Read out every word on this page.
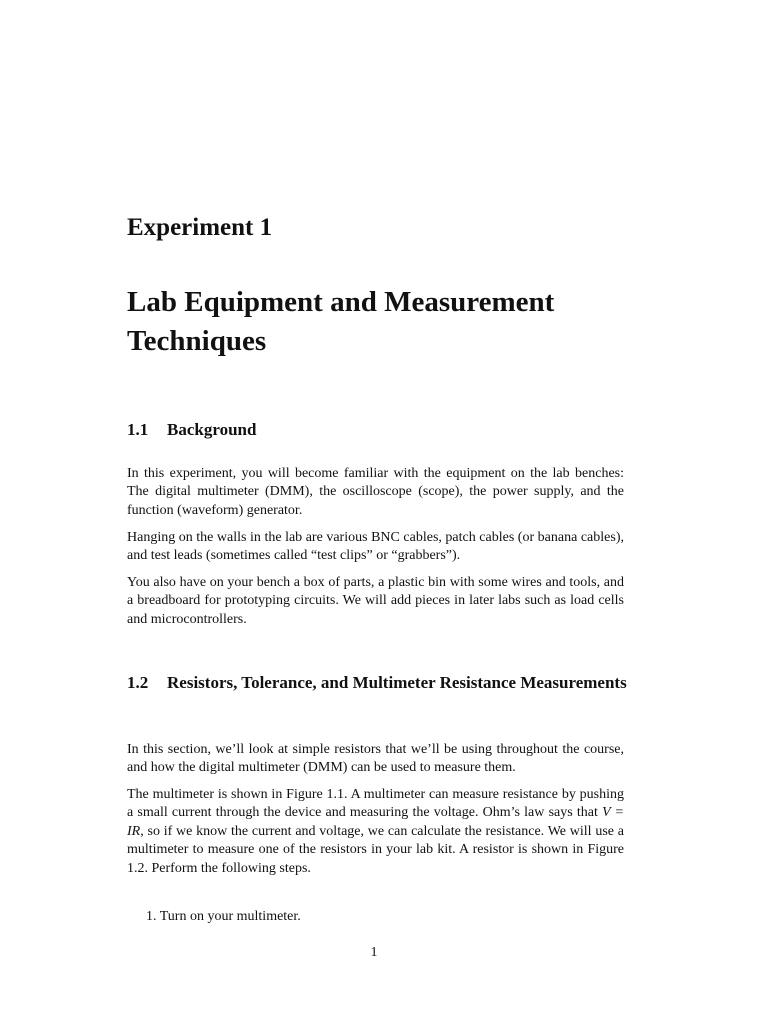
Experiment 1
Lab Equipment and Measurement Techniques
1.1	Background

In this experiment, you will become familiar with the equipment on the lab benches: The digital multimeter (DMM), the oscilloscope (scope), the power supply, and the function (waveform) generator.

Hanging on the walls in the lab are various BNC cables, patch cables (or banana cables), and test leads (sometimes called “test clips” or “grabbers”).

You also have on your bench a box of parts, a plastic bin with some wires and tools, and a breadboard for prototyping circuits. We will add pieces in later labs such as load cells and microcontrollers.

1.2	Resistors, Tolerance, and Multimeter Resistance Measurements

In this section, we’ll look at simple resistors that we’ll be using throughout the course, and how the digital multimeter (DMM) can be used to measure them.

The multimeter is shown in Figure 1.1. A multimeter can measure resistance by pushing a small current through the device and measuring the voltage. Ohm’s law says that V = IR, so if we know the current and voltage, we can calculate the resistance. We will use a multimeter to measure one of the resistors in your lab kit. A resistor is shown in Figure 1.2. Perform the following steps.

1. Turn on your multimeter.
1
